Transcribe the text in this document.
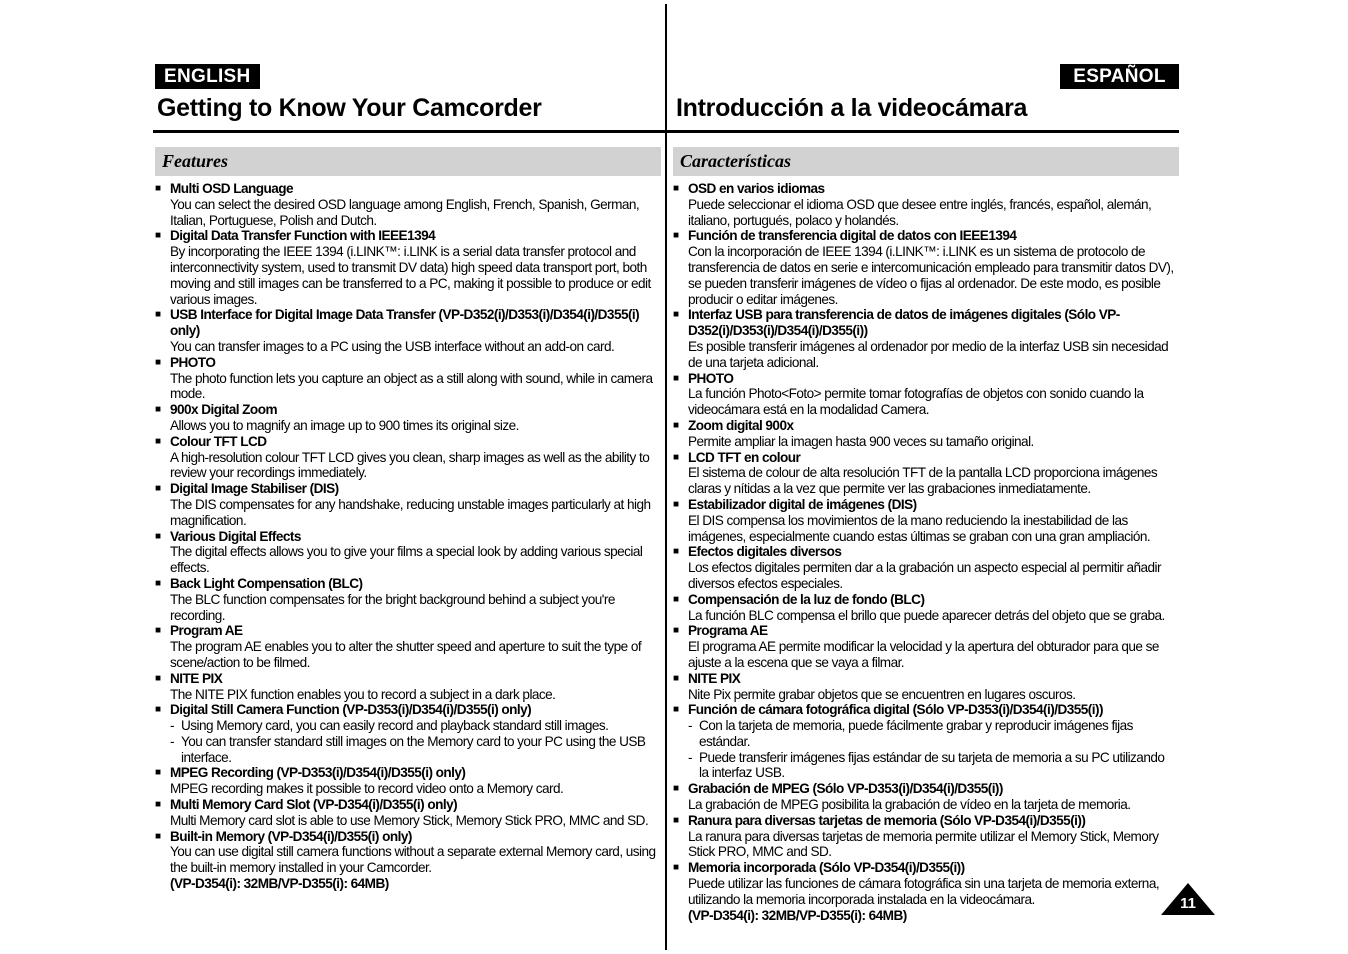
ENGLISH	ESPAÑOL
Getting to Know Your Camcorder	Introducción a la videocámara
Features	Características
■ Multi OSD Language
You can select the desired OSD language among English, French, Spanish, German, Italian, Portuguese, Polish and Dutch.
■ Digital Data Transfer Function with IEEE1394
By incorporating the IEEE 1394 (i.LINK™: i.LINK is a serial data transfer protocol and interconnectivity system, used to transmit DV data) high speed data transport port, both moving and still images can be transferred to a PC, making it possible to produce or edit various images.
■ USB Interface for Digital Image Data Transfer (VP-D352(i)/D353(i)/D354(i)/D355(i) only)
You can transfer images to a PC using the USB interface without an add-on card.
■ PHOTO
The photo function lets you capture an object as a still along with sound, while in camera mode.
■ 900x Digital Zoom
Allows you to magnify an image up to 900 times its original size.
■ Colour TFT LCD
A high-resolution colour TFT LCD gives you clean, sharp images as well as the ability to review your recordings immediately.
■ Digital Image Stabiliser (DIS)
The DIS compensates for any handshake, reducing unstable images particularly at high magnification.
■ Various Digital Effects
The digital effects allows you to give your films a special look by adding various special effects.
■ Back Light Compensation (BLC)
The BLC function compensates for the bright background behind a subject you're recording.
■ Program AE
The program AE enables you to alter the shutter speed and aperture to suit the type of scene/action to be filmed.
■ NITE PIX
The NITE PIX function enables you to record a subject in a dark place.
■ Digital Still Camera Function (VP-D353(i)/D354(i)/D355(i) only)
- Using Memory card, you can easily record and playback standard still images.
- You can transfer standard still images on the Memory card to your PC using the USB interface.
■ MPEG Recording (VP-D353(i)/D354(i)/D355(i) only)
MPEG recording makes it possible to record video onto a Memory card.
■ Multi Memory Card Slot (VP-D354(i)/D355(i) only)
Multi Memory card slot is able to use Memory Stick, Memory Stick PRO, MMC and SD.
■ Built-in Memory (VP-D354(i)/D355(i) only)
You can use digital still camera functions without a separate external Memory card, using the built-in memory installed in your Camcorder.
(VP-D354(i): 32MB/VP-D355(i): 64MB)
■ OSD en varios idiomas
Puede seleccionar el idioma OSD que desee entre inglés, francés, español, alemán, italiano, portugués, polaco y holandés.
■ Función de transferencia digital de datos con IEEE1394
Con la incorporación de IEEE 1394 (i.LINK™: i.LINK es un sistema de protocolo de transferencia de datos en serie e intercomunicación empleado para transmitir datos DV), se pueden transferir imágenes de vídeo o fijas al ordenador. De este modo, es posible producir o editar imágenes.
■ Interfaz USB para transferencia de datos de imágenes digitales (Sólo VP-D352(i)/D353(i)/D354(i)/D355(i))
Es posible transferir imágenes al ordenador por medio de la interfaz USB sin necesidad de una tarjeta adicional.
■ PHOTO
La función Photo<Foto> permite tomar fotografías de objetos con sonido cuando la videocámara está en la modalidad Camera.
■ Zoom digital 900x
Permite ampliar la imagen hasta 900 veces su tamaño original.
■ LCD TFT en colour
El sistema de colour de alta resolución TFT de la pantalla LCD proporciona imágenes claras y nítidas a la vez que permite ver las grabaciones inmediatamente.
■ Estabilizador digital de imágenes (DIS)
El DIS compensa los movimientos de la mano reduciendo la inestabilidad de las imágenes, especialmente cuando estas últimas se graban con una gran ampliación.
■ Efectos digitales diversos
Los efectos digitales permiten dar a la grabación un aspecto especial al permitir añadir diversos efectos especiales.
■ Compensación de la luz de fondo (BLC)
La función BLC compensa el brillo que puede aparecer detrás del objeto que se graba.
■ Programa AE
El programa AE permite modificar la velocidad y la apertura del obturador para que se ajuste a la escena que se vaya a filmar.
■ NITE PIX
Nite Pix permite grabar objetos que se encuentren en lugares oscuros.
■ Función de cámara fotográfica digital (Sólo VP-D353(i)/D354(i)/D355(i))
- Con la tarjeta de memoria, puede fácilmente grabar y reproducir imágenes fijas estándar.
- Puede transferir imágenes fijas estándar de su tarjeta de memoria a su PC utilizando la interfaz USB.
■ Grabación de MPEG (Sólo VP-D353(i)/D354(i)/D355(i))
La grabación de MPEG posibilita la grabación de vídeo en la tarjeta de memoria.
■ Ranura para diversas tarjetas de memoria (Sólo VP-D354(i)/D355(i))
La ranura para diversas tarjetas de memoria permite utilizar el Memory Stick, Memory Stick PRO, MMC and SD.
■ Memoria incorporada (Sólo VP-D354(i)/D355(i))
Puede utilizar las funciones de cámara fotográfica sin una tarjeta de memoria externa, utilizando la memoria incorporada instalada en la videocámara.
(VP-D354(i): 32MB/VP-D355(i): 64MB)
11
